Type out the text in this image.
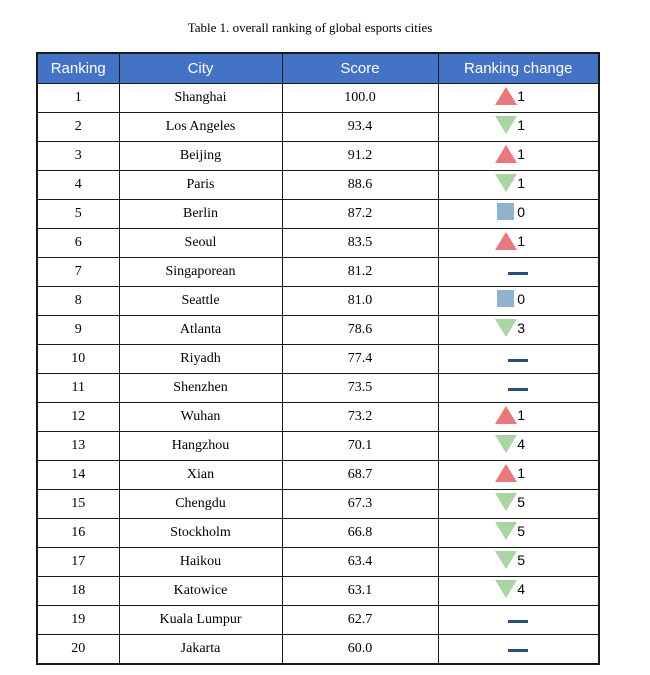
Table 1. overall ranking of global esports cities
Ranking	City	Score	Ranking change
1	Shanghai	100.0	1

2	Los Angeles	93.4	1

3	Beijing	91.2	1

4	Paris	88.6	1

5	Berlin	87.2	0

6	Seoul	83.5	1

7	Singaporean	81.2	

8	Seattle	81.0	0

9	Atlanta	78.6	3

10	Riyadh	77.4	

11	Shenzhen	73.5	

12	Wuhan	73.2	1

13	Hangzhou	70.1	4

14	Xian	68.7	1

15	Chengdu	67.3	5

16	Stockholm	66.8	5

17	Haikou	63.4	5

18	Katowice	63.1	4

19	Kuala Lumpur	62.7	

20	Jakarta	60.0	
